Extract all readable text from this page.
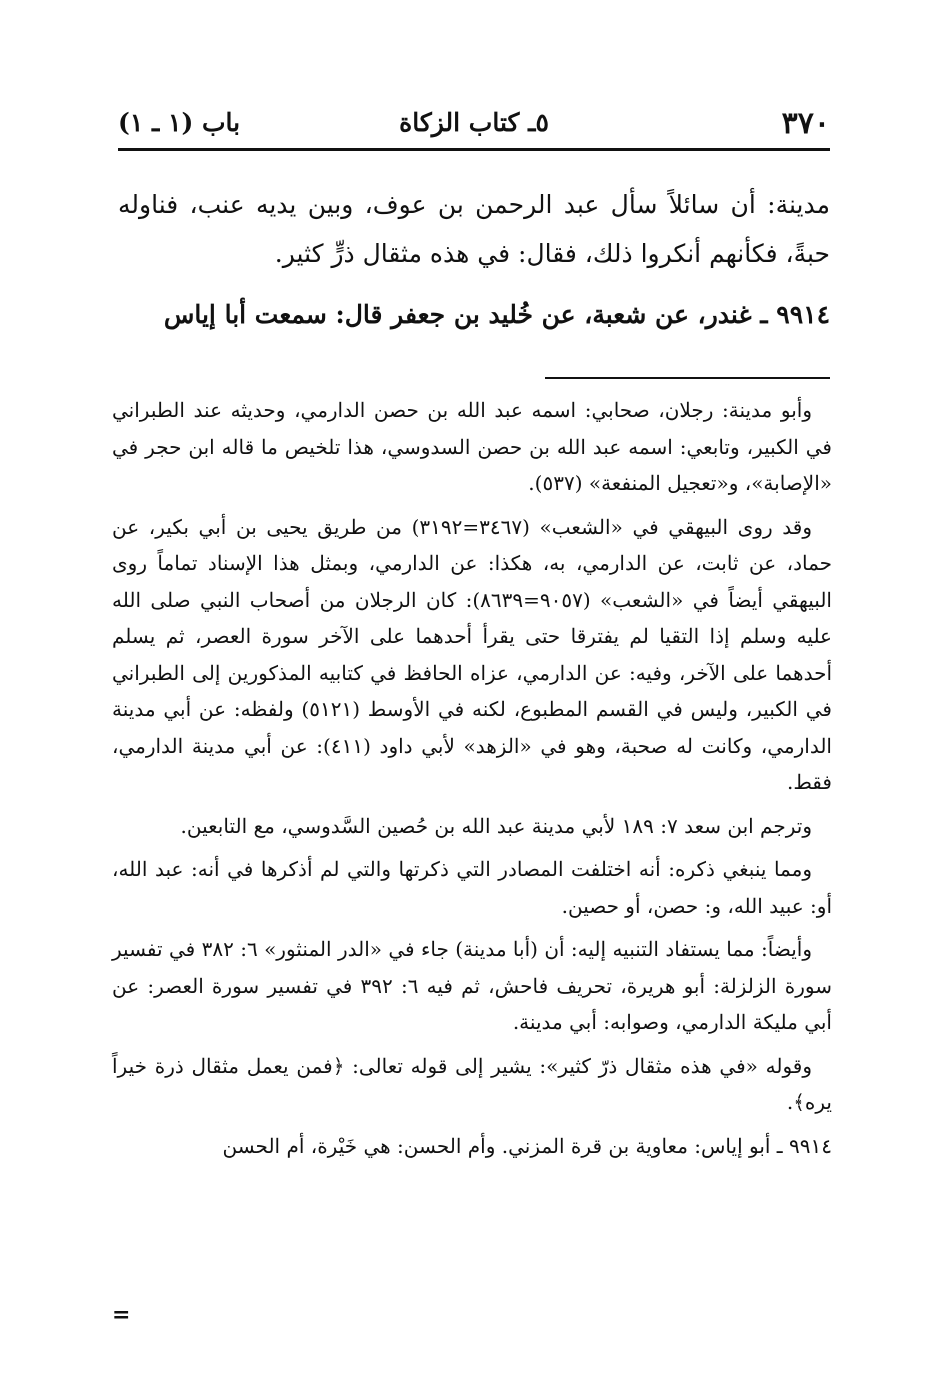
٣٧٠
٥ـ كتاب الزكاة
باب (١ ـ ١)

مدينة: أن سائلاً سأل عبد الرحمن بن عوف، وبين يديه عنب، فناوله حبةً، فكأنهم أنكروا ذلك، فقال: في هذه مثقال ذرٍّ كثير.

٩٩١٤ ـ غندر، عن شعبة، عن خُليد بن جعفر قال: سمعت أبا إياس

وأبو مدينة: رجلان، صحابي: اسمه عبد الله بن حصن الدارمي، وحديثه عند الطبراني في الكبير، وتابعي: اسمه عبد الله بن حصن السدوسي، هذا تلخيص ما قاله ابن حجر في «الإصابة»، و«تعجيل المنفعة» (٥٣٧).

وقد روى البيهقي في «الشعب» (٣٤٦٧=٣١٩٢) من طريق يحيى بن أبي بكير، عن حماد، عن ثابت، عن الدارمي، به، هكذا: عن الدارمي، وبمثل هذا الإسناد تماماً روى البيهقي أيضاً في «الشعب» (٩٠٥٧=٨٦٣٩): كان الرجلان من أصحاب النبي صلى الله عليه وسلم إذا التقيا لم يفترقا حتى يقرأ أحدهما على الآخر سورة العصر، ثم يسلم أحدهما على الآخر، وفيه: عن الدارمي، عزاه الحافظ في كتابيه المذكورين إلى الطبراني في الكبير، وليس في القسم المطبوع، لكنه في الأوسط (٥١٢١) ولفظه: عن أبي مدينة الدارمي، وكانت له صحبة، وهو في «الزهد» لأبي داود (٤١١): عن أبي مدينة الدارمي، فقط.

وترجم ابن سعد ٧: ١٨٩ لأبي مدينة عبد الله بن حُصين السَّدوسي، مع التابعين.

ومما ينبغي ذكره: أنه اختلفت المصادر التي ذكرتها والتي لم أذكرها في أنه: عبد الله، أو: عبيد الله، و: حصن، أو حصين.

وأيضاً: مما يستفاد التنبيه إليه: أن (أبا مدينة) جاء في «الدر المنثور» ٦: ٣٨٢ في تفسير سورة الزلزلة: أبو هريرة، تحريف فاحش، ثم فيه ٦: ٣٩٢ في تفسير سورة العصر: عن أبي مليكة الدارمي، وصوابه: أبي مدينة.

وقوله «في هذه مثقال ذرّ كثير»: يشير إلى قوله تعالى: ﴿فمن يعمل مثقال ذرة خيراً يره﴾.

٩٩١٤ ـ أبو إياس: معاوية بن قرة المزني. وأم الحسن: هي خَيْرة، أم الحسن

=
